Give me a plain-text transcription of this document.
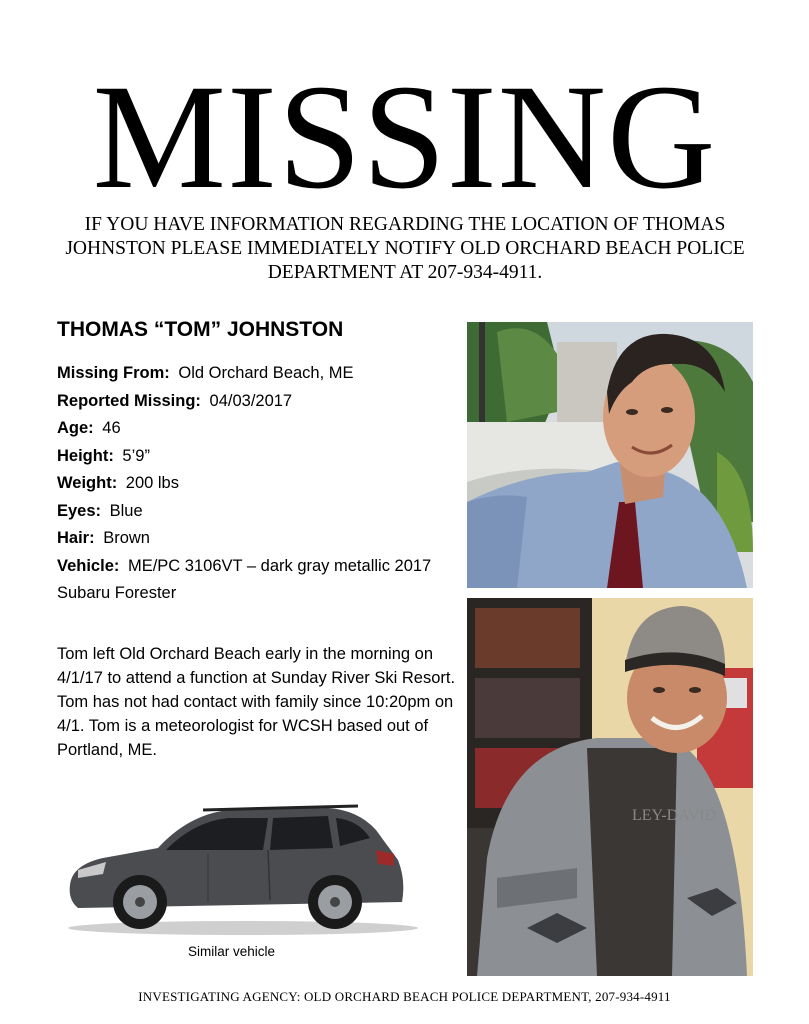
MISSING
IF YOU HAVE INFORMATION REGARDING THE LOCATION OF THOMAS JOHNSTON PLEASE IMMEDIATELY NOTIFY OLD ORCHARD BEACH POLICE DEPARTMENT AT 207-934-4911.
THOMAS “TOM” JOHNSTON
Missing From: Old Orchard Beach, ME
Reported Missing: 04/03/2017
Age: 46
Height: 5’9”
Weight: 200 lbs
Eyes: Blue
Hair: Brown
Vehicle: ME/PC 3106VT – dark gray metallic 2017 Subaru Forester
Tom left Old Orchard Beach early in the morning on 4/1/17 to attend a function at Sunday River Ski Resort. Tom has not had contact with family since 10:20pm on 4/1. Tom is a meteorologist for WCSH based out of Portland, ME.
LEY-DAVID
Similar vehicle
INVESTIGATING AGENCY: OLD ORCHARD BEACH POLICE DEPARTMENT, 207-934-4911
